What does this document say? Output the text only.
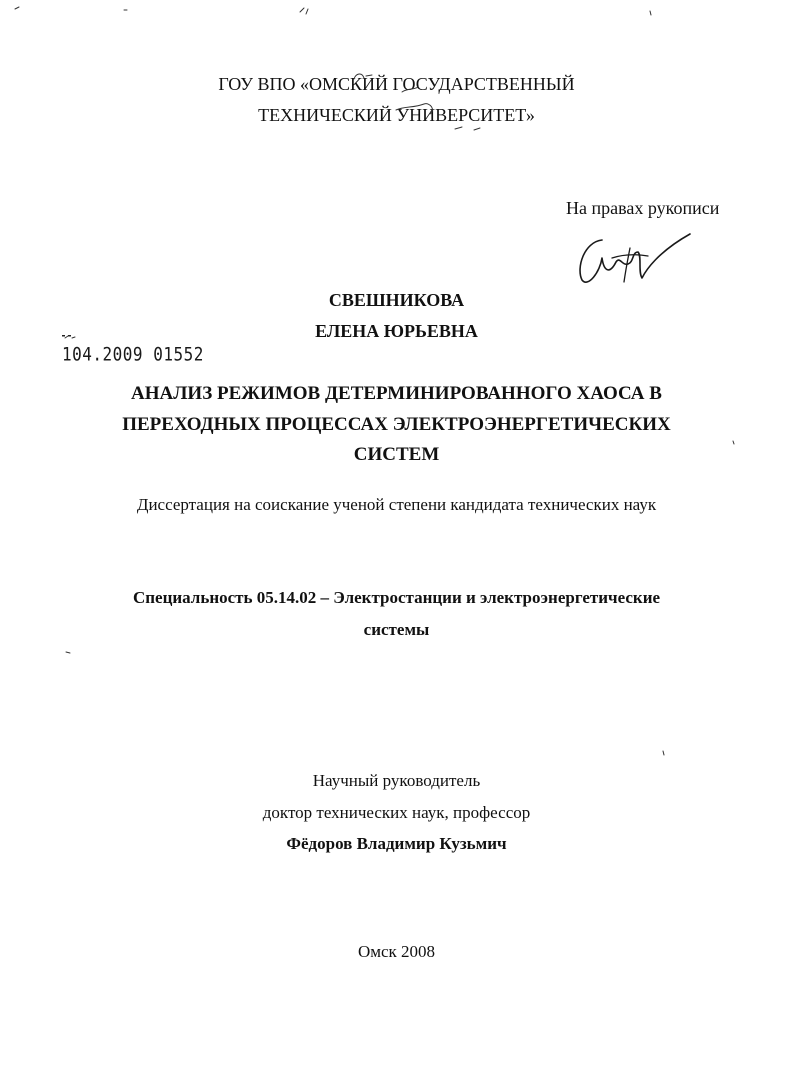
ГОУ ВПО «ОМСКИЙ ГОСУДАРСТВЕННЫЙ
ТЕХНИЧЕСКИЙ УНИВЕРСИТЕТ»
На правах рукописи
СВЕШНИКОВА
ЕЛЕНА ЮРЬЕВНА
104.2009 01552
АНАЛИЗ РЕЖИМОВ ДЕТЕРМИНИРОВАННОГО ХАОСА В
ПЕРЕХОДНЫХ ПРОЦЕССАХ ЭЛЕКТРОЭНЕРГЕТИЧЕСКИХ
СИСТЕМ
Диссертация на соискание ученой степени кандидата технических наук
Специальность 05.14.02 – Электростанции и электроэнергетические
системы
Научный руководитель
доктор технических наук, профессор
Фёдоров Владимир Кузьмич
Омск 2008
